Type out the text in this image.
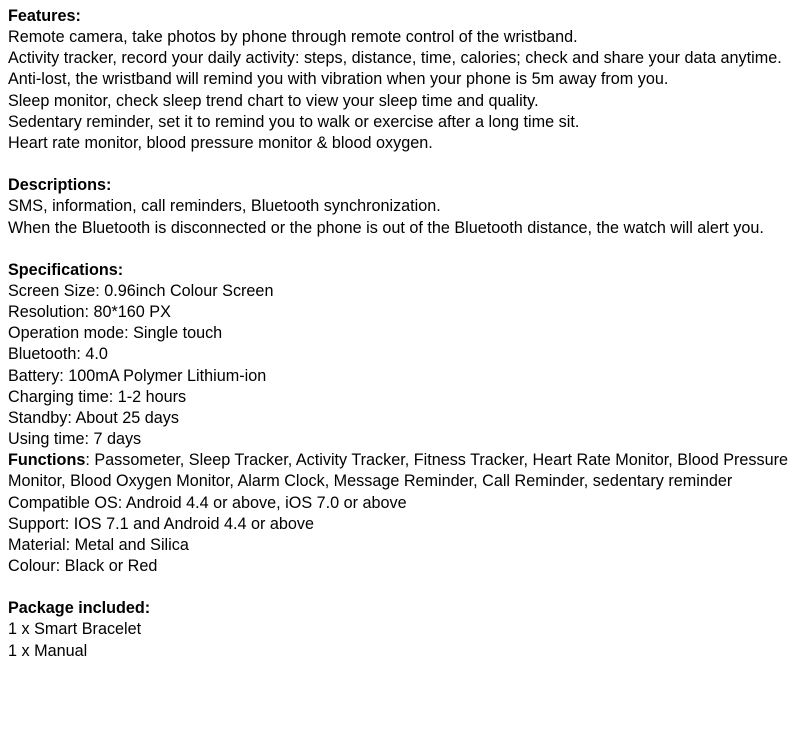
Features:
Remote camera, take photos by phone through remote control of the wristband.
Activity tracker, record your daily activity: steps, distance, time, calories; check and share your data anytime.
Anti-lost, the wristband will remind you with vibration when your phone is 5m away from you.
Sleep monitor, check sleep trend chart to view your sleep time and quality.
Sedentary reminder, set it to remind you to walk or exercise after a long time sit.
Heart rate monitor, blood pressure monitor & blood oxygen.
Descriptions:
SMS, information, call reminders, Bluetooth synchronization.
When the Bluetooth is disconnected or the phone is out of the Bluetooth distance, the watch will alert you.
Specifications:
Screen Size: 0.96inch Colour Screen
Resolution: 80*160 PX
Operation mode: Single touch
Bluetooth: 4.0
Battery: 100mA Polymer Lithium-ion
Charging time: 1-2 hours
Standby: About 25 days
Using time: 7 days
Functions: Passometer, Sleep Tracker, Activity Tracker, Fitness Tracker, Heart Rate Monitor, Blood Pressure Monitor, Blood Oxygen Monitor, Alarm Clock, Message Reminder, Call Reminder, sedentary reminder
Compatible OS: Android 4.4 or above, iOS 7.0 or above
Support: IOS 7.1 and Android 4.4 or above
Material: Metal and Silica
Colour: Black or Red
Package included:
1 x Smart Bracelet
1 x Manual
